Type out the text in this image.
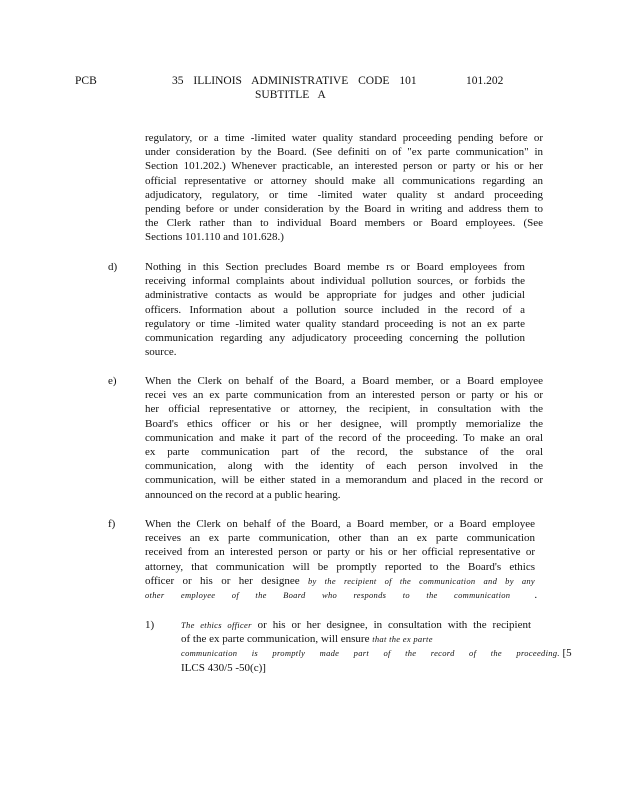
PCB	35 ILLINOIS ADMINISTRATIVE CODE 101	101.202
SUBTITLE A
regulatory, or a time -limited water quality standard proceeding pending before or
under consideration by the Board. (See definiti on of "ex parte communication" in
Section 101.202.) Whenever practicable, an interested person or party or his or her
official representative or attorney should make all communications regarding an
adjudicatory, regulatory, or time -limited water quality st andard proceeding
pending before or under consideration by the Board in writing and address them to
the Clerk rather than to individual Board members or Board employees. (See
Sections 101.110 and 101.628.)
d)	Nothing in this Section precludes Board membe rs or Board employees from
receiving informal complaints about individual pollution sources, or forbids the
administrative contacts as would be appropriate for judges and other judicial
officers. Information about a pollution source included in the record of a
regulatory or time -limited water quality standard proceeding is not an ex parte
communication regarding any adjudicatory proceeding concerning the pollution
source.
e)	When the Clerk on behalf of the Board, a Board member, or a Board employee
recei ves an ex parte communication from an interested person or party or his or
her official representative or attorney, the recipient, in consultation with the
Board's ethics officer or his or her designee, will promptly memorialize the
communication and make it part of the record of the proceeding. To make an oral
ex parte communication part of the record, the substance of the oral
communication, along with the identity of each person involved in the
communication, will be either stated in a memorandum and placed in the record or
announced on the record at a public hearing.
f)	When the Clerk on behalf of the Board, a Board member, or a Board employee
receives an ex parte communication, other than an ex parte communication
received from an interested person or party or his or her official representative or
attorney, that communication will be promptly reported to the Board's ethics
officer or his or her designee by the recipient of the communication and by any
other employee of the Board who responds to the communication .
1)	The ethics officer or his or her designee, in consultation with the recipient
of the ex parte communication, will ensure that the ex parte
communication is promptly made part of the record of the proceeding. [5
ILCS 430/5 -50(c)]
